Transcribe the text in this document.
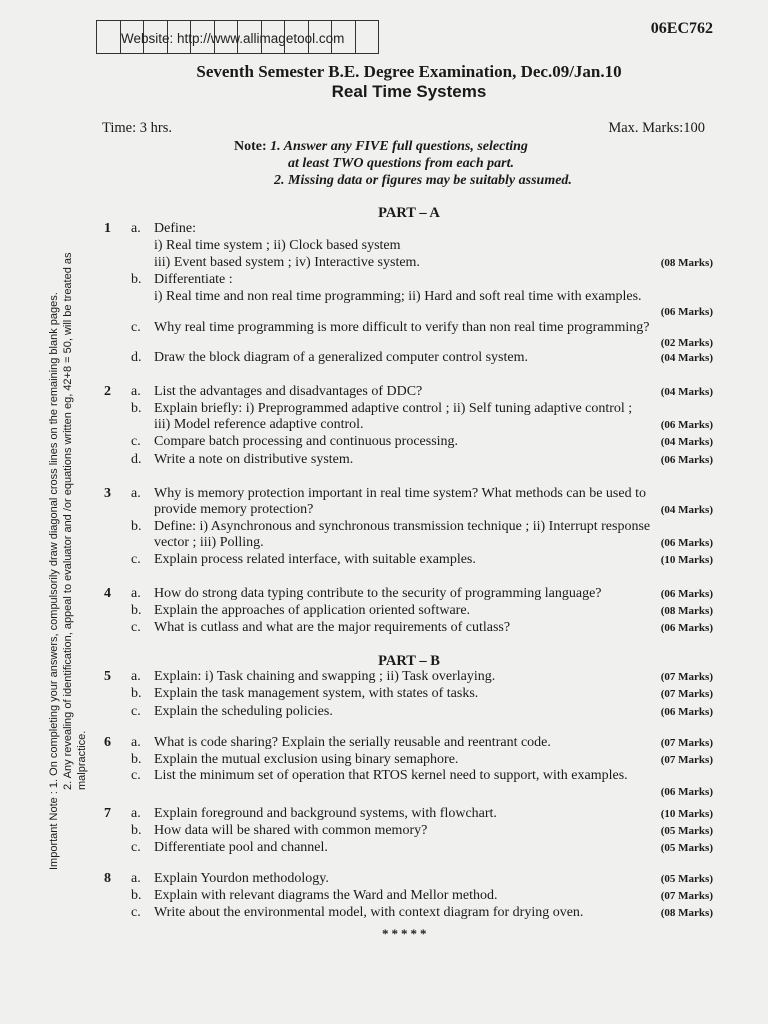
Website: http://www.allimagetool.com
06EC762
Seventh Semester B.E. Degree Examination, Dec.09/Jan.10
Real Time Systems
Time: 3 hrs.	Max. Marks:100
Note: 1. Answer any FIVE full questions, selecting
at least TWO questions from each part.
2. Missing data or figures may be suitably assumed.
PART – A
PART – B
1 a. Define:
i) Real time system ; ii) Clock based system
iii) Event based system ; iv) Interactive system.	(08 Marks)
b. Differentiate :
i) Real time and non real time programming; ii) Hard and soft real time with examples.
(06 Marks)
c. Why real time programming is more difficult to verify than non real time programming?
(02 Marks)
d. Draw the block diagram of a generalized computer control system.	(04 Marks)
2 a. List the advantages and disadvantages of DDC?	(04 Marks)
b. Explain briefly: i) Preprogrammed adaptive control ; ii) Self tuning adaptive control ;
iii) Model reference adaptive control.	(06 Marks)
c. Compare batch processing and continuous processing.	(04 Marks)
d. Write a note on distributive system.	(06 Marks)
3 a. Why is memory protection important in real time system? What methods can be used to
provide memory protection?	(04 Marks)
b. Define: i) Asynchronous and synchronous transmission technique ; ii) Interrupt response
vector ; iii) Polling.	(06 Marks)
c. Explain process related interface, with suitable examples.	(10 Marks)
4 a. How do strong data typing contribute to the security of programming language?	(06 Marks)
b. Explain the approaches of application oriented software.	(08 Marks)
c. What is cutlass and what are the major requirements of cutlass?	(06 Marks)
5 a. Explain: i) Task chaining and swapping ; ii) Task overlaying.	(07 Marks)
b. Explain the task management system, with states of tasks.	(07 Marks)
c. Explain the scheduling policies.	(06 Marks)
6 a. What is code sharing? Explain the serially reusable and reentrant code.	(07 Marks)
b. Explain the mutual exclusion using binary semaphore.	(07 Marks)
c. List the minimum set of operation that RTOS kernel need to support, with examples.
(06 Marks)
7 a. Explain foreground and background systems, with flowchart.	(10 Marks)
b. How data will be shared with common memory?	(05 Marks)
c. Differentiate pool and channel.	(05 Marks)
8 a. Explain Yourdon methodology.	(05 Marks)
b. Explain with relevant diagrams the Ward and Mellor method.	(07 Marks)
c. Write about the environmental model, with context diagram for drying oven.	(08 Marks)
*****
Important Note : 1. On completing your answers, compulsorily draw diagonal cross lines on the remaining blank pages. 2. Any revealing of identification, appeal to evaluator and /or equations written eg, 42+8 = 50, will be treated as malpractice.
